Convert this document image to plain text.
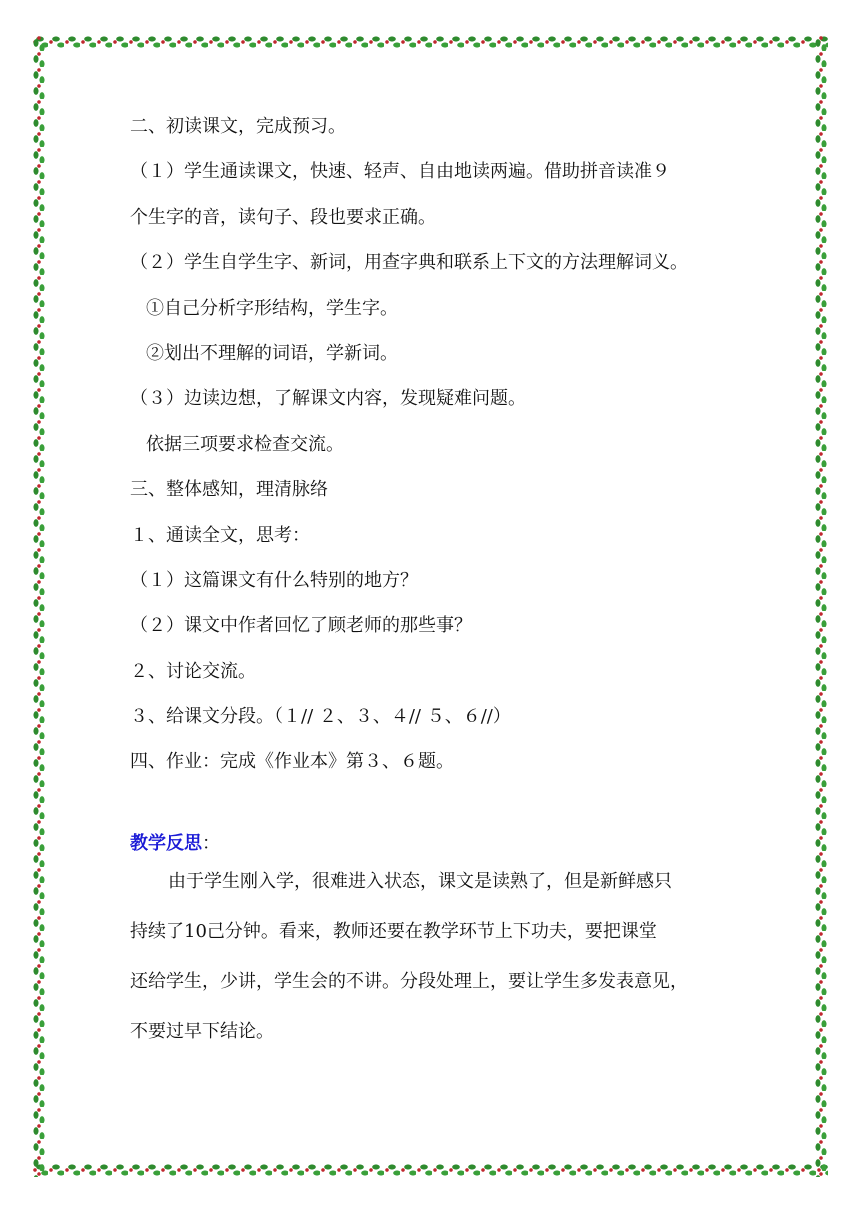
二、初读课文，完成预习。
（１）学生通读课文，快速、轻声、自由地读两遍。借助拼音读准９
个生字的音，读句子、段也要求正确。
（２）学生自学生字、新词，用查字典和联系上下文的方法理解词义。
①自己分析字形结构，学生字。
②划出不理解的词语，学新词。
（３）边读边想，了解课文内容，发现疑难问题。
依据三项要求检查交流。
三、整体感知，理清脉络
１、通读全文，思考：
（１）这篇课文有什么特别的地方？
（２）课文中作者回忆了顾老师的那些事？
２、讨论交流。
３、给课文分段。（１// ２、３、４// ５、６//）
四、作业：完成《作业本》第３、６题。
教学反思：
由于学生刚入学，很难进入状态，课文是读熟了，但是新鲜感只
持续了10己分钟。看来，教师还要在教学环节上下功夫，要把课堂
还给学生，少讲，学生会的不讲。分段处理上，要让学生多发表意见，
不要过早下结论。
